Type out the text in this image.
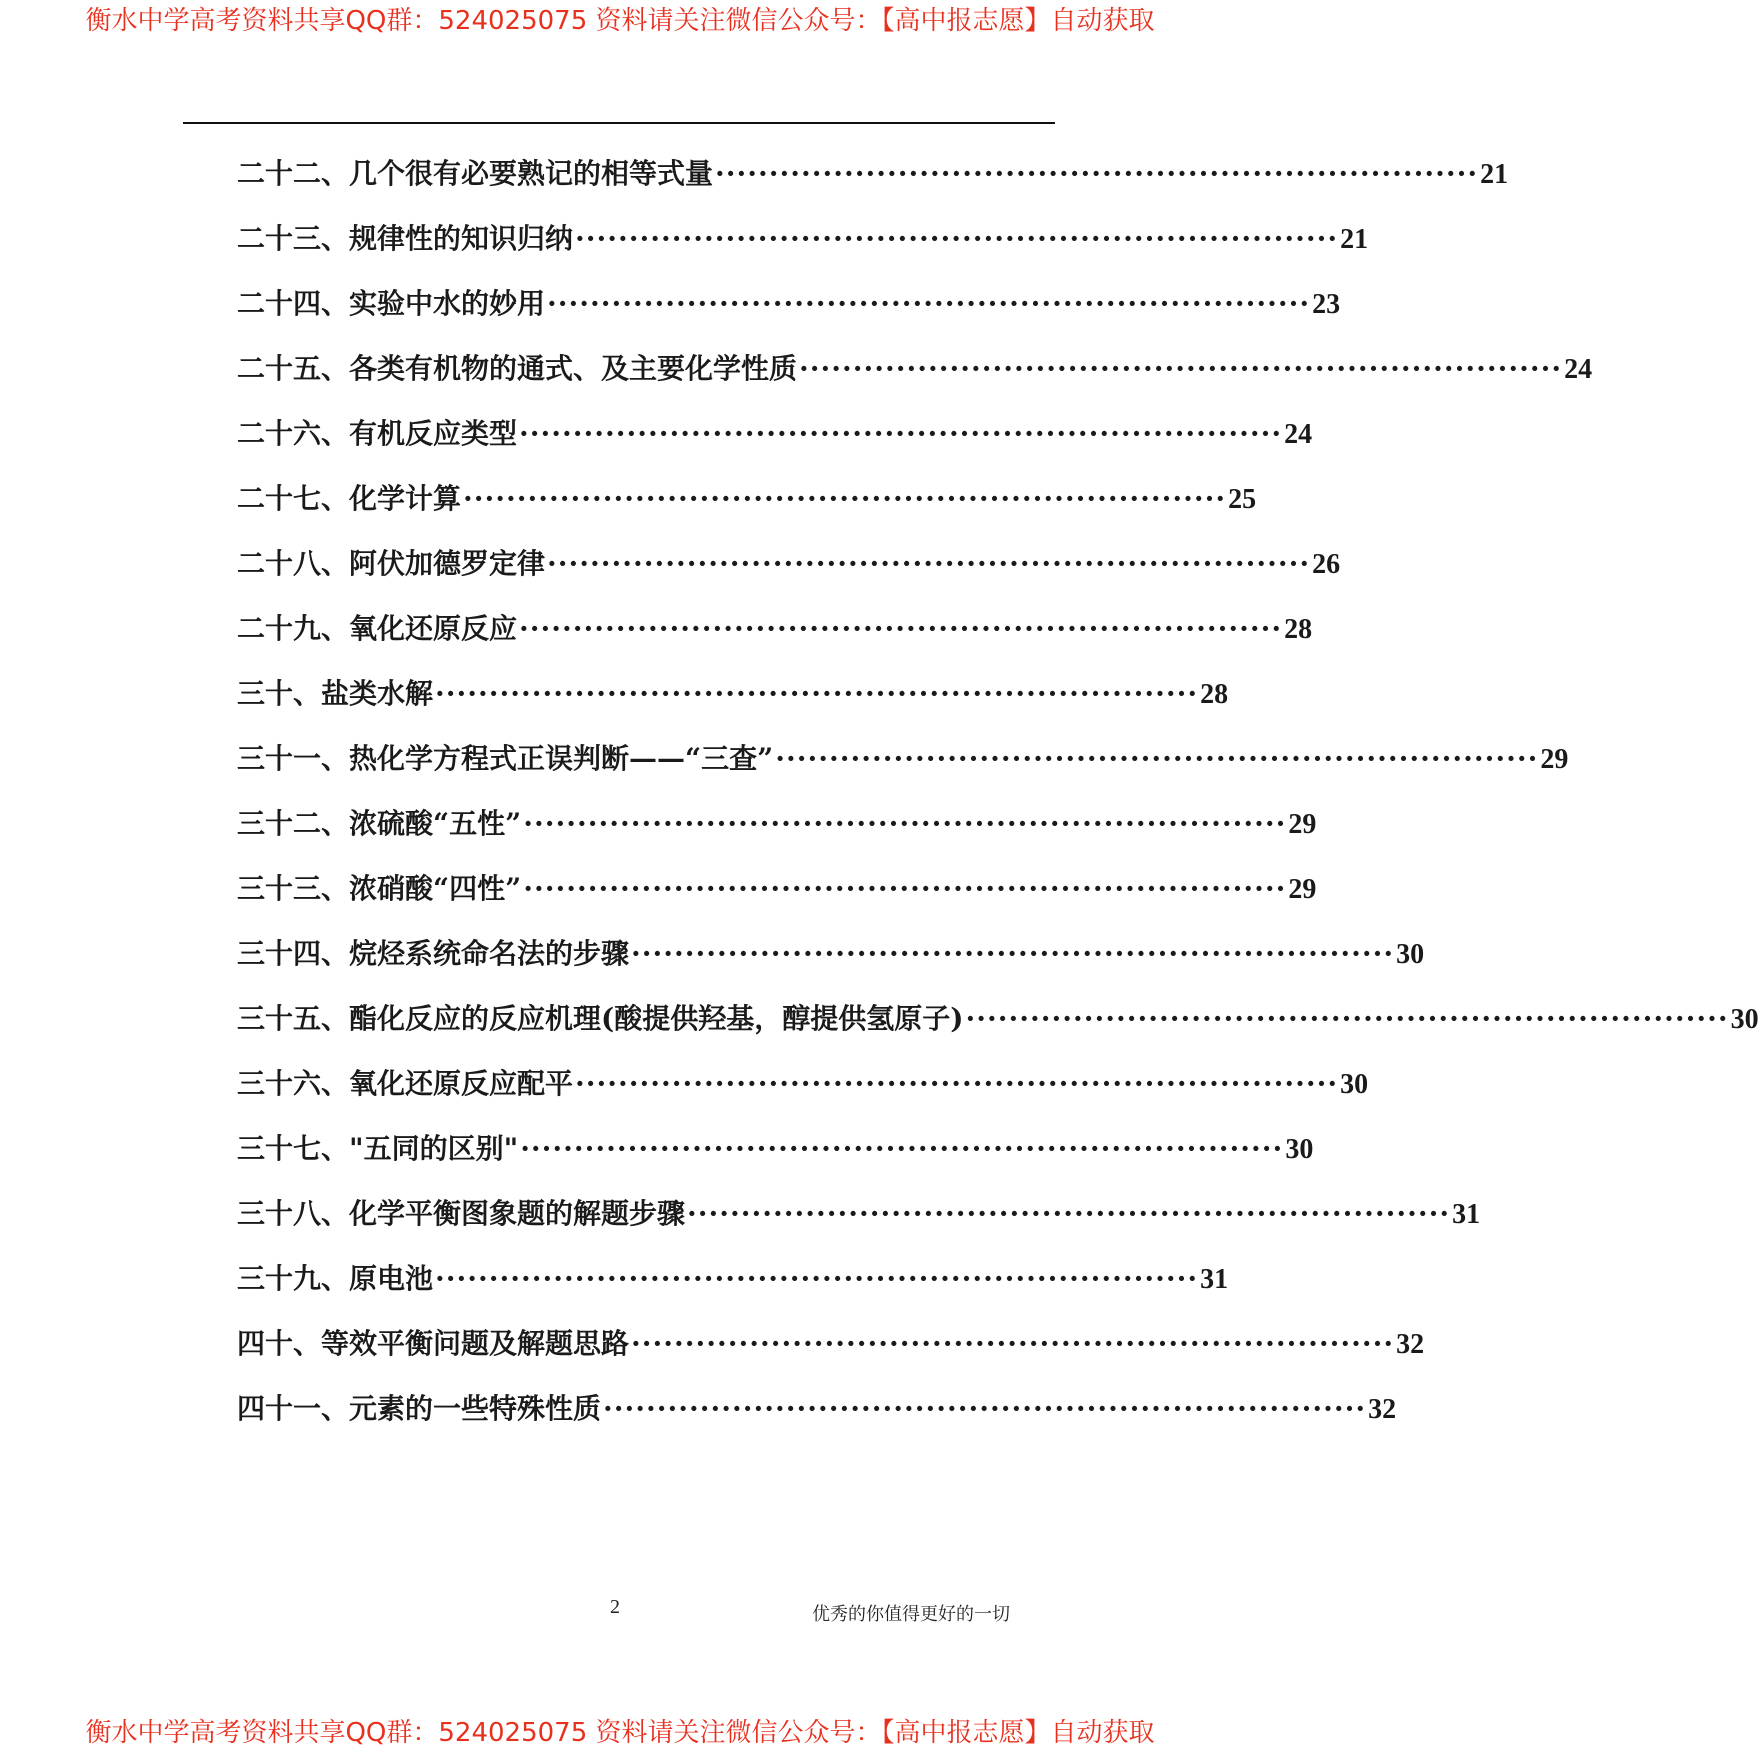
衡水中学高考资料共享QQ群：524025075 资料请关注微信公众号：【高中报志愿】自动获取
二十二、几个很有必要熟记的相等式量 ······································································· 21
二十三、规律性的知识归纳 ······································································· 21
二十四、实验中水的妙用 ······································································· 23
二十五、各类有机物的通式、及主要化学性质 ······································································· 24
二十六、有机反应类型 ······································································· 24
二十七、化学计算 ······································································· 25
二十八、阿伏加德罗定律 ······································································· 26
二十九、氧化还原反应 ······································································· 28
三十、盐类水解 ······································································· 28
三十一、热化学方程式正误判断——“三查” ······································································· 29
三十二、浓硫酸“五性” ······································································· 29
三十三、浓硝酸“四性” ······································································· 29
三十四、烷烃系统命名法的步骤 ······································································· 30
三十五、酯化反应的反应机理(酸提供羟基，醇提供氢原子) ······································································· 30
三十六、氧化还原反应配平 ······································································· 30
三十七、"五同的区别" ······································································· 30
三十八、化学平衡图象题的解题步骤 ······································································· 31
三十九、原电池 ······································································· 31
四十、等效平衡问题及解题思路 ······································································· 32
四十一、元素的一些特殊性质 ······································································· 32
2	优秀的你值得更好的一切
衡水中学高考资料共享QQ群：524025075 资料请关注微信公众号：【高中报志愿】自动获取
